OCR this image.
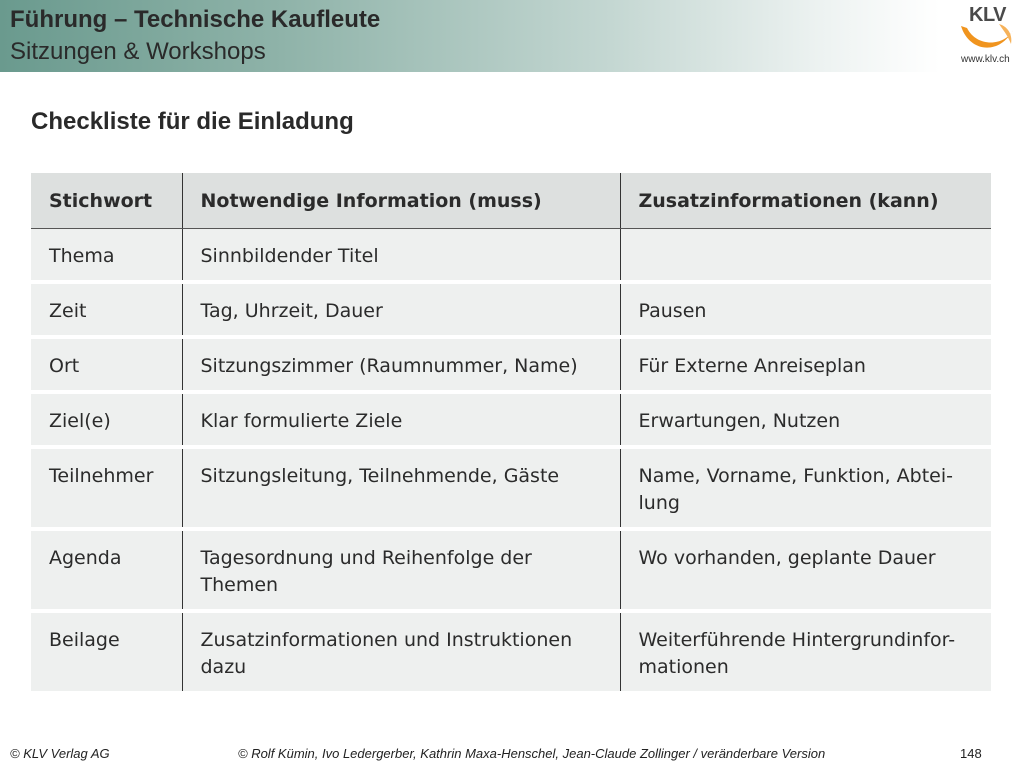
Führung – Technische Kaufleute
Sitzungen & Workshops
KLV
www.klv.ch
Checkliste für die Einladung
Stichwort	Notwendige Information (muss)	Zusatzinformationen (kann)
Thema	Sinnbildender Titel	
Zeit	Tag, Uhrzeit, Dauer	Pausen
Ort	Sitzungszimmer (Raumnummer, Name)	Für Externe Anreiseplan
Ziel(e)	Klar formulierte Ziele	Erwartungen, Nutzen
Teilnehmer	Sitzungsleitung, Teilnehmende, Gäste	Name, Vorname, Funktion, Abtei-
lung
Agenda	Tagesordnung und Reihenfolge der Themen	Wo vorhanden, geplante Dauer
Beilage	Zusatzinformationen und Instruktionen dazu	Weiterführende Hintergrundinfor-
mationen
© KLV Verlag AG	© Rolf Kümin, Ivo Ledergerber, Kathrin Maxa-Henschel, Jean-Claude Zollinger / veränderbare Version	148
